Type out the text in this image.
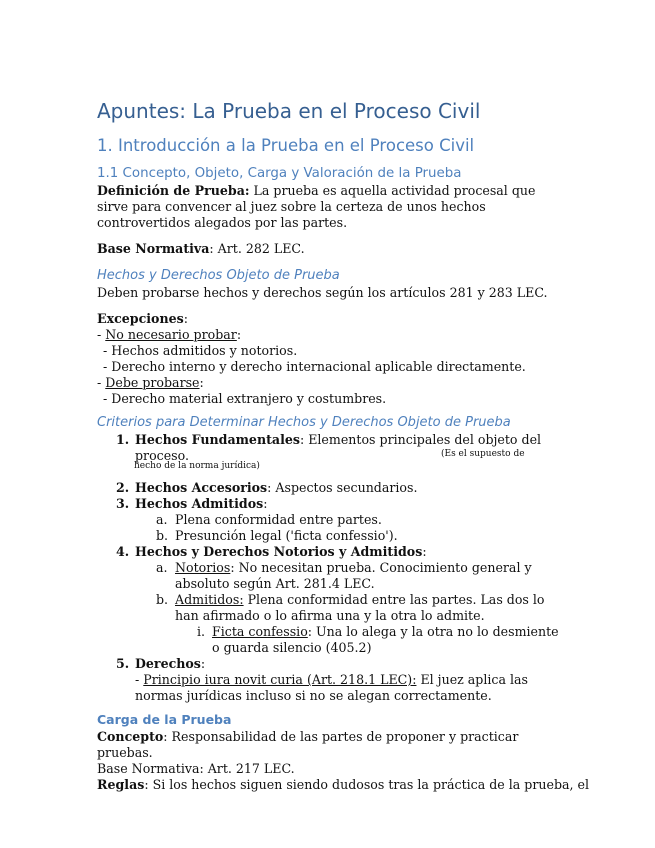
Apuntes: La Prueba en el Proceso Civil
1. Introducción a la Prueba en el Proceso Civil
1.1 Concepto, Objeto, Carga y Valoración de la Prueba

Definición de Prueba: La prueba es aquella actividad procesal que sirve para convencer al juez sobre la certeza de unos hechos controvertidos alegados por las partes.

Base Normativa: Art. 282 LEC.

Hechos y Derechos Objeto de Prueba

Deben probarse hechos y derechos según los artículos 281 y 283 LEC.

Excepciones:

- No necesario probar:

- Hechos admitidos y notorios.

- Derecho interno y derecho internacional aplicable directamente.

- Debe probarse:

- Derecho material extranjero y costumbres.

Criterios para Determinar Hechos y Derechos Objeto de Prueba
1. Hechos Fundamentales: Elementos principales del objeto del proceso.	(Es el supuesto de hecho de la norma jurídica)
2. Hechos Accesorios: Aspectos secundarios.

3. Hechos Admitidos:

a. Plena conformidad entre partes.

b. Presunción legal ('ficta confessio').

4. Hechos y Derechos Notorios y Admitidos:

a. Notorios: No necesitan prueba. Conocimiento general y absoluto según Art. 281.4 LEC.

b. Admitidos: Plena conformidad entre las partes. Las dos lo han afirmado o lo afirma una y la otra lo admite.

i. Ficta confessio: Una lo alega y la otra no lo desmiente o guarda silencio (405.2)

5. Derechos:

- Principio iura novit curia (Art. 218.1 LEC): El juez aplica las normas jurídicas incluso si no se alegan correctamente.

Carga de la Prueba

Concepto: Responsabilidad de las partes de proponer y practicar pruebas.

Base Normativa: Art. 217 LEC.

Reglas: Si los hechos siguen siendo dudosos tras la práctica de la prueba, el
